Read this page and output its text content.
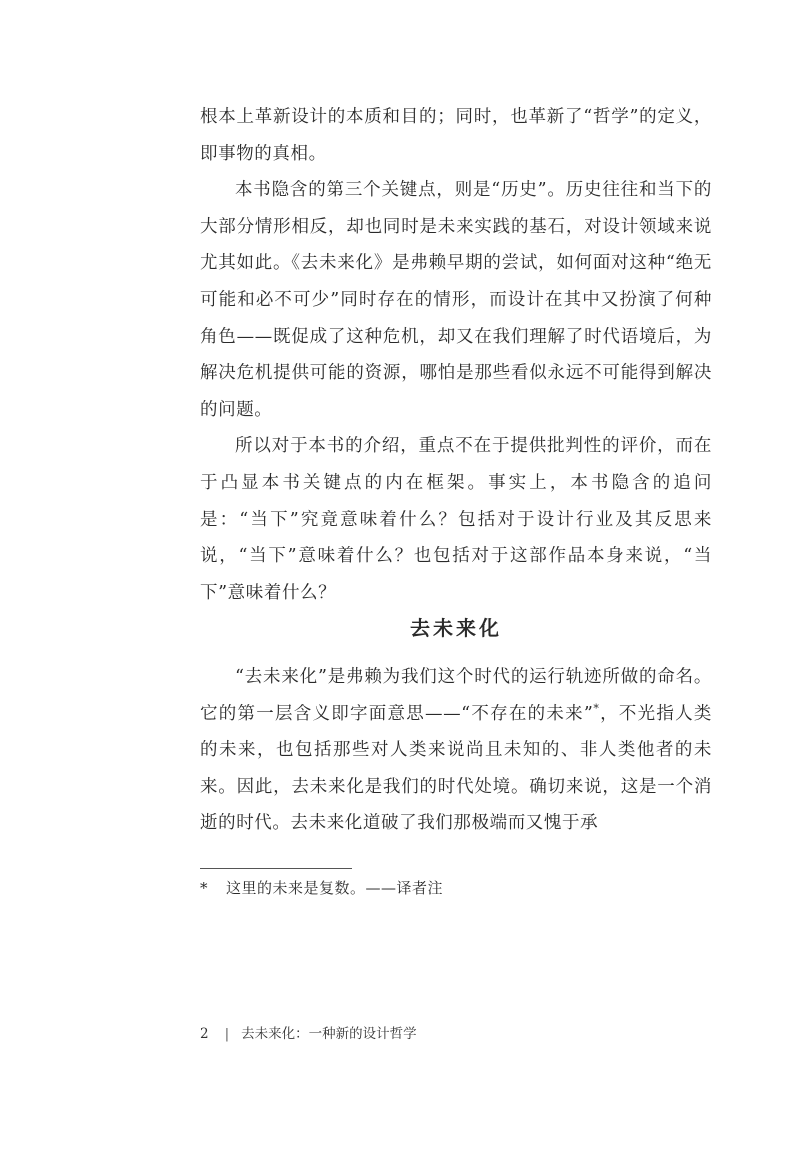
根本上革新设计的本质和目的；同时，也革新了“哲学”的定义，即事物的真相。

本书隐含的第三个关键点，则是“历史”。历史往往和当下的大部分情形相反，却也同时是未来实践的基石，对设计领域来说尤其如此。《去未来化》是弗赖早期的尝试，如何面对这种“绝无可能和必不可少”同时存在的情形，而设计在其中又扮演了何种角色——既促成了这种危机，却又在我们理解了时代语境后，为解决危机提供可能的资源，哪怕是那些看似永远不可能得到解决的问题。

所以对于本书的介绍，重点不在于提供批判性的评价，而在于凸显本书关键点的内在框架。事实上，本书隐含的追问是：“当下”究竟意味着什么？包括对于设计行业及其反思来说，“当下”意味着什么？也包括对于这部作品本身来说，“当下”意味着什么？

去未来化

“去未来化”是弗赖为我们这个时代的运行轨迹所做的命名。它的第一层含义即字面意思——“不存在的未来”*，不光指人类的未来，也包括那些对人类来说尚且未知的、非人类他者的未来。因此，去未来化是我们的时代处境。确切来说，这是一个消逝的时代。去未来化道破了我们那极端而又愧于承

* 这里的未来是复数。——译者注
2 | 去未来化：一种新的设计哲学
